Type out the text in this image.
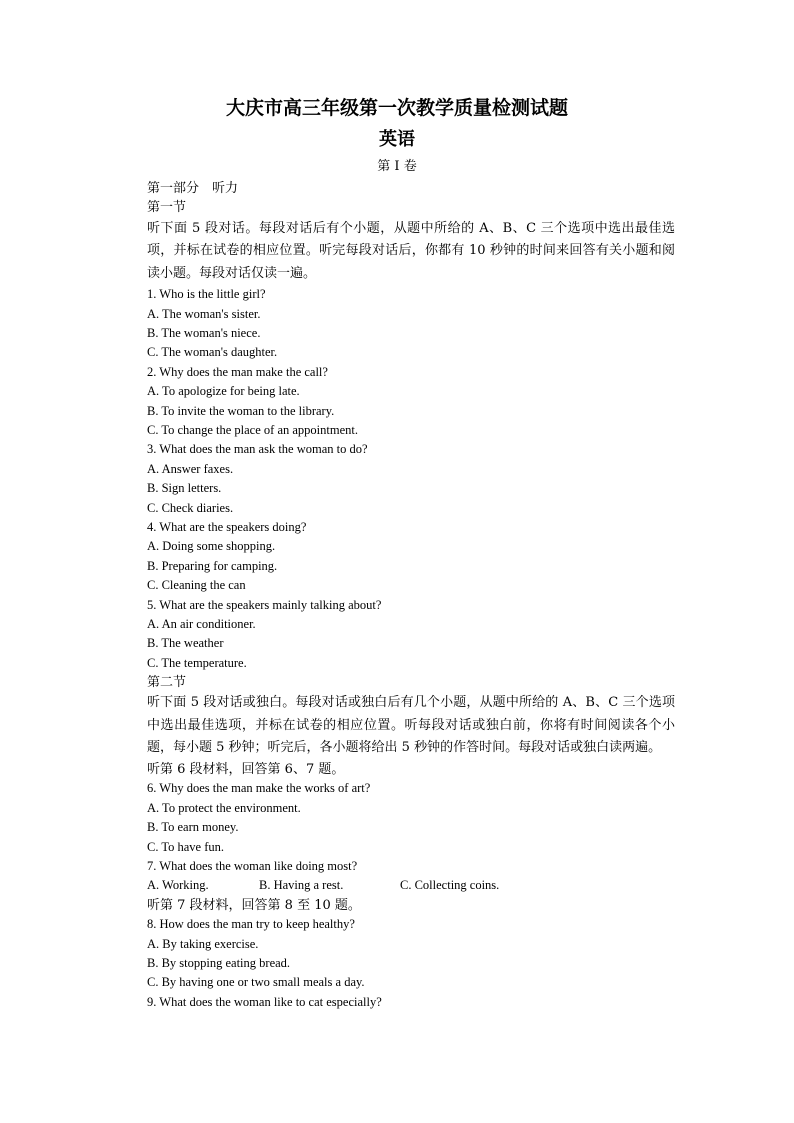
大庆市高三年级第一次教学质量检测试题
英语
第 I 卷
第一部分　听力
第一节
听下面 5 段对话。每段对话后有个小题，从题中所给的 A、B、C 三个选项中选出最佳选项，并标在试卷的相应位置。听完每段对话后，你都有 10 秒钟的时间来回答有关小题和阅读小题。每段对话仅读一遍。
1. Who is the little girl?
A. The woman's sister.
B. The woman's niece.
C. The woman's daughter.
2. Why does the man make the call?
A. To apologize for being late.
B. To invite the woman to the library.
C. To change the place of an appointment.
3. What does the man ask the woman to do?
A. Answer faxes.
B. Sign letters.
C. Check diaries.
4. What are the speakers doing?
A. Doing some shopping.
B. Preparing for camping.
C. Cleaning the can
5. What are the speakers mainly talking about?
A. An air conditioner.
B. The weather
C. The temperature.
第二节
听下面 5 段对话或独白。每段对话或独白后有几个小题，从题中所给的 A、B、C 三个选项中选出最佳选项，并标在试卷的相应位置。听每段对话或独白前，你将有时间阅读各个小题，每小题 5 秒钟；听完后，各小题将给出 5 秒钟的作答时间。每段对话或独白读两遍。
听第 6 段材料，回答第 6、7 题。
6. Why does the man make the works of art?
A. To protect the environment.
B. To earn money.
C. To have fun.
7. What does the woman like doing most?
A. Working.	B. Having a rest.	C. Collecting coins.
听第 7 段材料，回答第 8 至 10 题。
8. How does the man try to keep healthy?
A. By taking exercise.
B. By stopping eating bread.
C. By having one or two small meals a day.
9. What does the woman like to cat especially?
